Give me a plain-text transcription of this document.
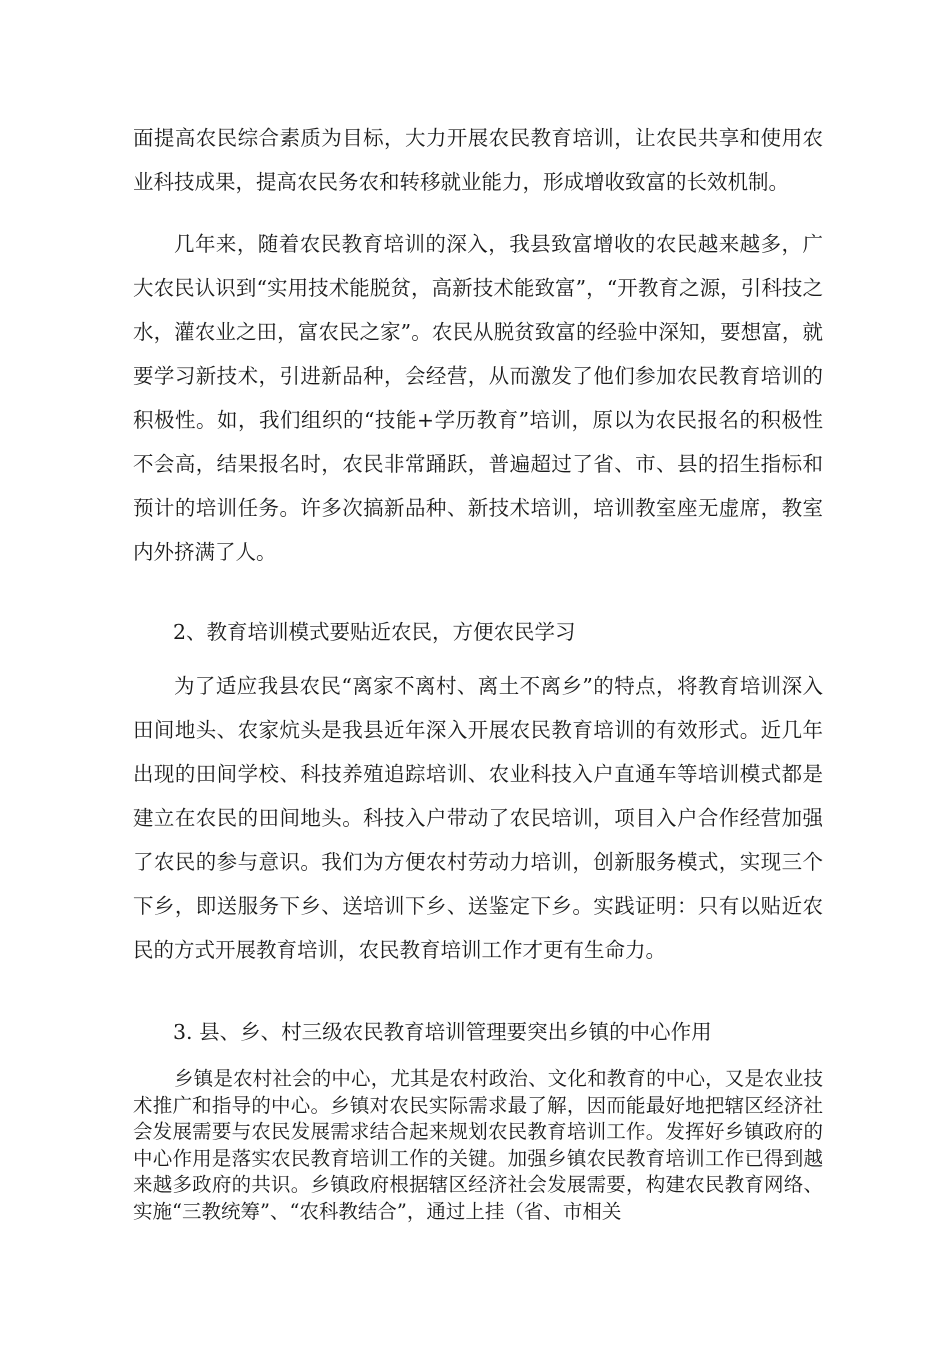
面提高农民综合素质为目标，大力开展农民教育培训，让农民共享和使用农业科技成果，提高农民务农和转移就业能力，形成增收致富的长效机制。

几年来，随着农民教育培训的深入，我县致富增收的农民越来越多，广大农民认识到“实用技术能脱贫，高新技术能致富”，“开教育之源，引科技之水，灌农业之田，富农民之家”。农民从脱贫致富的经验中深知，要想富，就要学习新技术，引进新品种，会经营，从而激发了他们参加农民教育培训的积极性。如，我们组织的“技能+学历教育”培训，原以为农民报名的积极性不会高，结果报名时，农民非常踊跃，普遍超过了省、市、县的招生指标和预计的培训任务。许多次搞新品种、新技术培训，培训教室座无虚席，教室内外挤满了人。

2、教育培训模式要贴近农民，方便农民学习

为了适应我县农民“离家不离村、离土不离乡”的特点，将教育培训深入田间地头、农家炕头是我县近年深入开展农民教育培训的有效形式。近几年出现的田间学校、科技养殖追踪培训、农业科技入户直通车等培训模式都是建立在农民的田间地头。科技入户带动了农民培训，项目入户合作经营加强了农民的参与意识。我们为方便农村劳动力培训，创新服务模式，实现三个下乡，即送服务下乡、送培训下乡、送鉴定下乡。实践证明：只有以贴近农民的方式开展教育培训，农民教育培训工作才更有生命力。

3. 县、乡、村三级农民教育培训管理要突出乡镇的中心作用

乡镇是农村社会的中心，尤其是农村政治、文化和教育的中心，又是农业技术推广和指导的中心。乡镇对农民实际需求最了解，因而能最好地把辖区经济社会发展需要与农民发展需求结合起来规划农民教育培训工作。发挥好乡镇政府的中心作用是落实农民教育培训工作的关键。加强乡镇农民教育培训工作已得到越来越多政府的共识。乡镇政府根据辖区经济社会发展需要，构建农民教育网络、实施“三教统筹”、“农科教结合”，通过上挂（省、市相关
